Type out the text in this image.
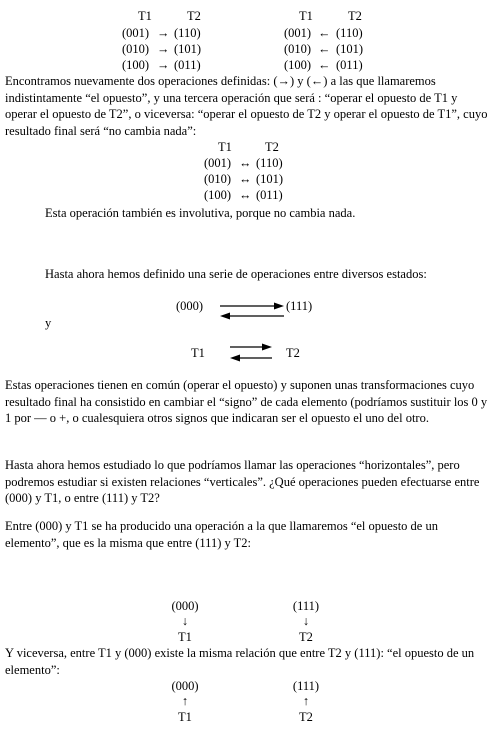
T1	T2
(001) → (110)
(010) → (101)
(100) → (011)
T1	T2
(001) ← (110)
(010) ← (101)
(100) ← (011)
Encontramos nuevamente dos operaciones definidas: (→) y (←) a las que llamaremos indistintamente “el opuesto”, y una tercera operación que será : “operar el opuesto de T1 y operar el opuesto de T2”, o viceversa: “operar el opuesto de T2 y operar el opuesto de T1”, cuyo resultado final será “no cambia nada”:
T1	T2
(001) ↔ (110)
(010) ↔ (101)
(100) ↔ (011)
Esta operación también es involutiva, porque no cambia nada.
Hasta ahora hemos definido una serie de operaciones entre diversos estados:
(000)	(111)
y
T1	T2
Estas operaciones tienen en común (operar el opuesto) y suponen unas transformaciones cuyo resultado final ha consistido en cambiar el “signo” de cada elemento (podríamos sustituir los 0 y 1 por — o +, o cualesquiera otros signos que indicaran ser el opuesto el uno del otro.
Hasta ahora hemos estudiado lo que podríamos llamar las operaciones “horizontales”, pero podremos estudiar si existen relaciones “verticales”. ¿Qué operaciones pueden efectuarse entre (000) y T1, o entre (111) y T2?
Entre (000) y T1 se ha producido una operación a la que llamaremos “el opuesto de un elemento”, que es la misma que entre (111) y T2:
(000)
↓
T1
(111)
↓
T2
Y viceversa, entre T1 y (000) existe la misma relación que entre T2 y (111): “el opuesto de un elemento”:
(000)
↑
T1
(111)
↑
T2
